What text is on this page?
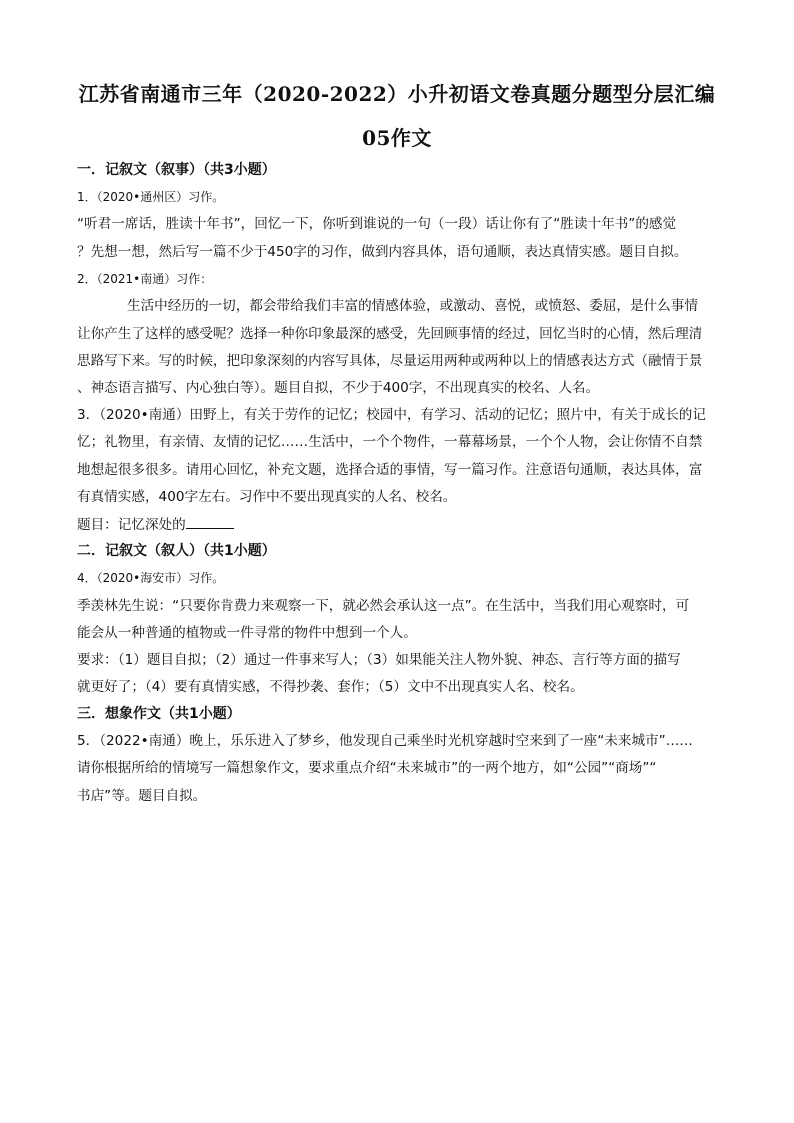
江苏省南通市三年（2020-2022）小升初语文卷真题分题型分层汇编
05作文
一．记叙文（叙事）（共3小题）
1．（2020•通州区）习作。
“听君一席话，胜读十年书”，回忆一下，你听到谁说的一句（一段）话让你有了“胜读十年书”的感觉
？先想一想，然后写一篇不少于450字的习作，做到内容具体，语句通顺，表达真情实感。题目自拟。
2．（2021•南通）习作：
生活中经历的一切，都会带给我们丰富的情感体验，或激动、喜悦，或愤怒、委屈，是什么事情
让你产生了这样的感受呢？选择一种你印象最深的感受，先回顾事情的经过，回忆当时的心情，然后理清
思路写下来。写的时候，把印象深刻的内容写具体，尽量运用两种或两种以上的情感表达方式（融情于景
、神态语言描写、内心独白等）。题目自拟，不少于400字，不出现真实的校名、人名。
3．（2020•南通）田野上，有关于劳作的记忆；校园中，有学习、活动的记忆；照片中，有关于成长的记
忆；礼物里，有亲情、友情的记忆……生活中，一个个物件，一幕幕场景，一个个人物，会让你情不自禁
地想起很多很多。请用心回忆，补充文题，选择合适的事情，写一篇习作。注意语句通顺，表达具体，富
有真情实感，400字左右。习作中不要出现真实的人名、校名。
题目：记忆深处的
二．记叙文（叙人）（共1小题）
4．（2020•海安市）习作。
季羡林先生说：“只要你肯费力来观察一下，就必然会承认这一点”。在生活中，当我们用心观察时，可
能会从一种普通的植物或一件寻常的物件中想到一个人。
要求：（1）题目自拟；（2）通过一件事来写人；（3）如果能关注人物外貌、神态、言行等方面的描写
就更好了；（4）要有真情实感，不得抄袭、套作；（5）文中不出现真实人名、校名。
三．想象作文（共1小题）
5．（2022•南通）晚上，乐乐进入了梦乡，他发现自己乘坐时光机穿越时空来到了一座“未来城市”……
请你根据所给的情境写一篇想象作文，要求重点介绍“未来城市”的一两个地方，如“公园”“商场”“
书店”等。题目自拟。
